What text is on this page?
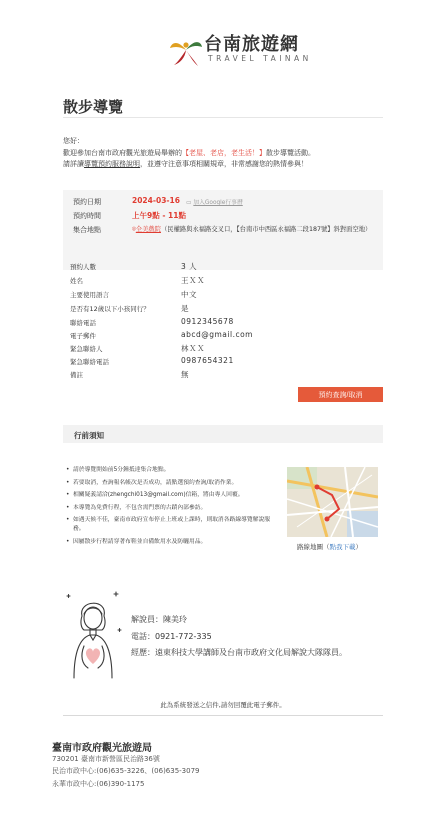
台南旅遊網
TRAVEL TAINAN
散步導覽
您好：
歡迎參加台南市政府觀光旅遊局舉辦的【老屋、老店，老生活！】散步導覽活動。
請詳讀導覽預約服務說明，並遵守注意事項相關規章，非常感謝您的熱情參與！
預約日期	2024-03-16 ▭ 加入Google行事曆
預約時間	上午9點 - 11點
集合地點	⌾全美戲院（民權路與永福路交叉口，【台南市中西區永福路二段187號】斜對面空地）
預約人數	3 人
姓名	王ＸＸ
主要使用語言	中文
是否有12歲以下小孩同行？	是
聯絡電話	0912345678
電子郵件	abcd@gmail.com
緊急聯絡人	林ＸＸ
緊急聯絡電話	0987654321
備註	無
預約查詢/取消
行前須知
• 請於導覽開始前5分鐘抵達集合地點。
• 若要取消，查詢報名帳次是否成功，請點選預約查詢/取消作業。
• 相關疑義請洽(zhengchi013@gmail.com)信箱，將由專人回覆。
• 本導覽為免費行程，不包含需門票的古蹟內部參訪。
• 如遇天候不佳，臺南市政府宣布停止上班或上課時，則取消各路線導覽解說服務。
• 因屬散步行程請穿著布鞋並自備飲用水及防曬用品。
路線地圖（點我下載）
解說員：陳美玲
電話：0921-772-335
經歷：遠東科技大學講師及台南市政府文化局解說大隊隊員。
此為系統發送之信件,請勿回覆此電子郵件。
臺南市政府觀光旅遊局
730201 臺南市新營區民治路36號
民治市政中心:(06)635-3226、(06)635-3079
永華市政中心:(06)390-1175
